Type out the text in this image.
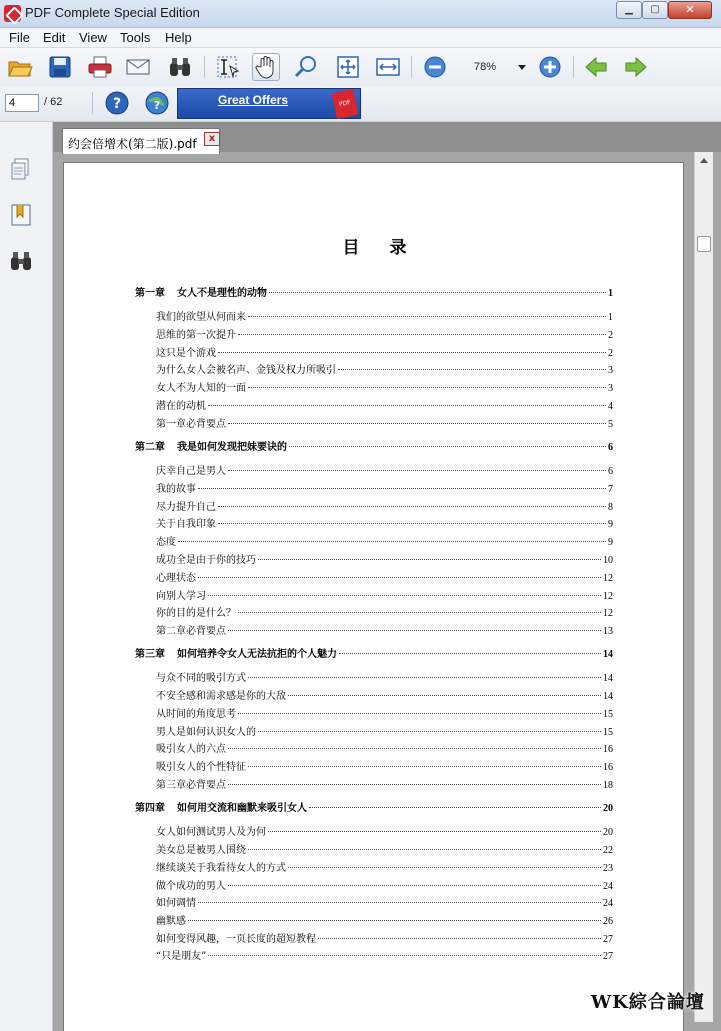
PDF Complete Special Edition	▁	▢	✕
File Edit View Tools Help
78%
4	/ 62	?	?	Great Offers	PDF
约会倍增术(第二版).pdf	x
目 录
第一章 女人不是理性的动物	1
我们的欲望从何而来	1
思维的第一次提升	2
这只是个游戏	2
为什么女人会被名声、金钱及权力所吸引	3
女人不为人知的一面	3
潜在的动机	4
第一章必背要点	5
第二章 我是如何发现把妹要诀的	6
庆幸自己是男人	6
我的故事	7
尽力提升自己	8
关于自我印象	9
态度	9
成功全是由于你的技巧	10
心理状态	12
向别人学习	12
你的目的是什么？	12
第二章必背要点	13
第三章 如何培养令女人无法抗拒的个人魅力	14
与众不同的吸引方式	14
不安全感和需求感是你的大敌	14
从时间的角度思考	15
男人是如何认识女人的	15
吸引女人的六点	16
吸引女人的个性特征	16
第三章必背要点	18
第四章 如何用交流和幽默来吸引女人	20
女人如何测试男人及为何	20
美女总是被男人围绕	22
继续谈关于我看待女人的方式	23
做个成功的男人	24
如何调情	24
幽默感	26
如何变得风趣，一页长度的超短教程	27
“只是朋友”	27
WK綜合論壇
